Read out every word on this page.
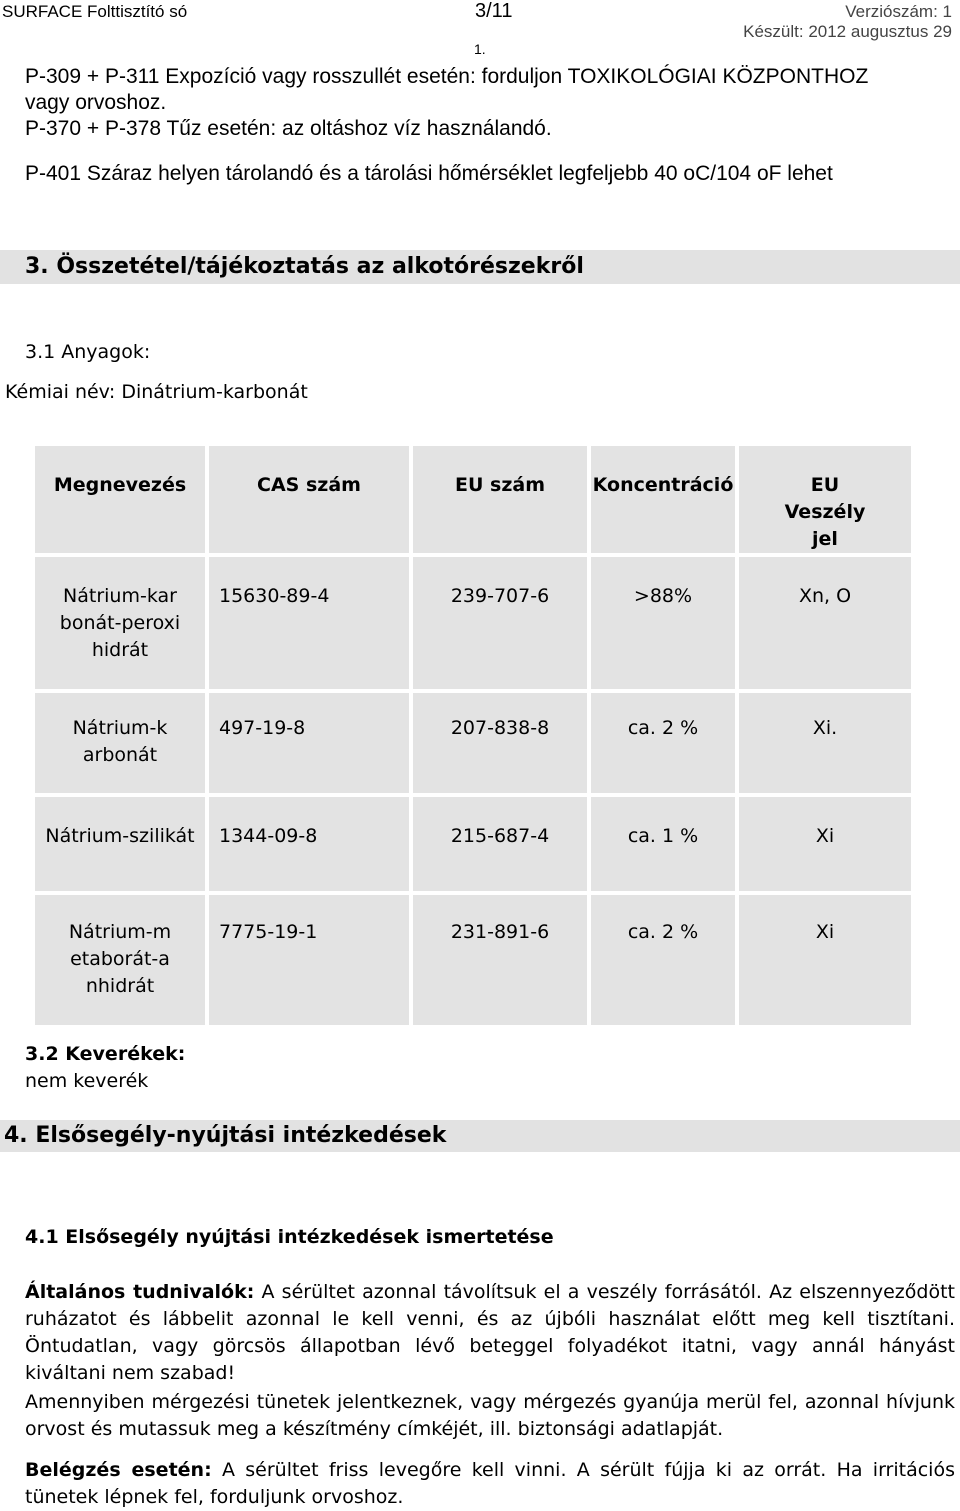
SURFACE Folttisztító só	3/11	Verziószám: 1
Készült: 2012 augusztus 29
1.
P-309 + P-311 Expozíció vagy rosszullét esetén: forduljon TOXIKOLÓGIAI KÖZPONTHOZ
vagy orvoshoz.
P-370 + P-378 Tűz esetén: az oltáshoz víz használandó.
P-401 Száraz helyen tárolandó és a tárolási hőmérséklet legfeljebb 40 oC/104 oF lehet
3. Összetétel/tájékoztatás az alkotórészekről
3.1 Anyagok:
Kémiai név: Dinátrium-karbonát
Megnevezés	CAS szám	EU szám	Koncentráció	EU Veszély jel
Nátrium-karbonát-peroxihidrát	15630-89-4	239-707-6	>88%	Xn, O
Nátrium-karbonát	497-19-8	207-838-8	ca. 2 %	Xi.
Nátrium-szilikát	1344-09-8	215-687-4	ca. 1 %	Xi
Nátrium-metaborát-anhidrát	7775-19-1	231-891-6	ca. 2 %	Xi
3.2 Keverékek:
nem keverék
4. Elsősegély-nyújtási intézkedések
4.1 Elsősegély nyújtási intézkedések ismertetése
Általános tudnivalók: A sérültet azonnal távolítsuk el a veszély forrásától. Az elszennyeződött ruházatot és lábbelit azonnal le kell venni, és az újbóli használat előtt meg kell tisztítani. Öntudatlan, vagy görcsös állapotban lévő beteggel folyadékot itatni, vagy annál hányást kiváltani nem szabad!
Amennyiben mérgezési tünetek jelentkeznek, vagy mérgezés gyanúja merül fel, azonnal hívjunk orvost és mutassuk meg a készítmény címkéjét, ill. biztonsági adatlapját.
Belégzés esetén: A sérültet friss levegőre kell vinni. A sérült fújja ki az orrát. Ha irritációs tünetek lépnek fel, forduljunk orvoshoz.
